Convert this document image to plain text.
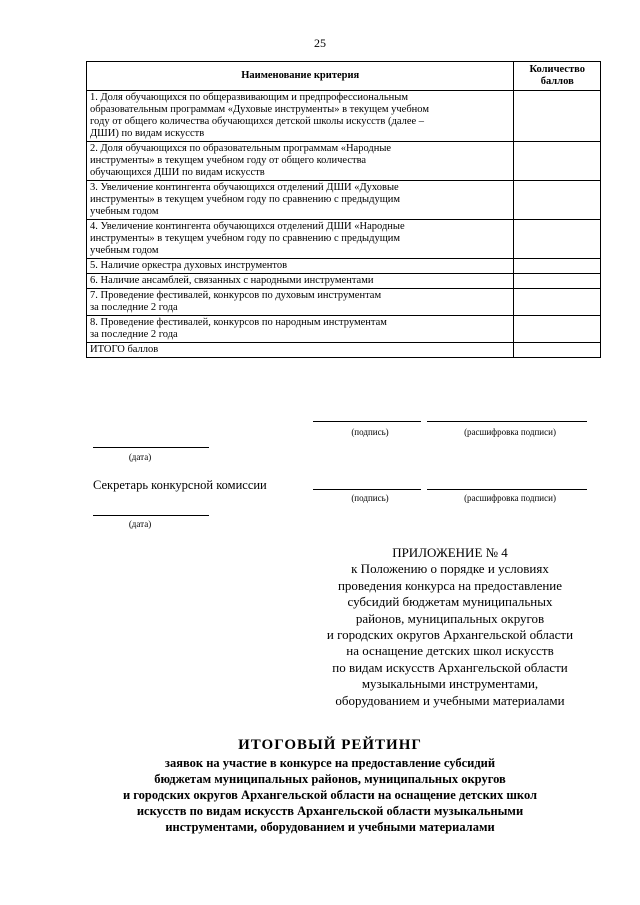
25
Наименование критерия	Количество
баллов

1. Доля обучающихся по общеразвивающим и предпрофессиональным
образовательным программам «Духовые инструменты» в текущем учебном
году от общего количества обучающихся детской школы искусств (далее –
ДШИ) по видам искусств	

2. Доля обучающихся по образовательным программам «Народные
инструменты» в текущем учебном году от общего количества
обучающихся ДШИ по видам искусств	

3. Увеличение контингента обучающихся отделений ДШИ «Духовые
инструменты» в текущем учебном году по сравнению с предыдущим
учебным годом	

4. Увеличение контингента обучающихся отделений ДШИ «Народные
инструменты» в текущем учебном году по сравнению с предыдущим
учебным годом	

5. Наличие оркестра духовых инструментов	

6. Наличие ансамблей, связанных с народными инструментами	

7. Проведение фестивалей, конкурсов по духовым инструментам
за последние 2 года	

8. Проведение фестивалей, конкурсов по народным инструментам
за последние 2 года	

ИТОГО баллов	

(подпись)	(расшифровка подписи)
(дата)
Секретарь конкурсной комиссии
(подпись)	(расшифровка подписи)
(дата)
ПРИЛОЖЕНИЕ № 4
к Положению о порядке и условиях
проведения конкурса на предоставление
субсидий бюджетам муниципальных
районов, муниципальных округов
и городских округов Архангельской области
на оснащение детских школ искусств
по видам искусств Архангельской области
музыкальными инструментами,
оборудованием и учебными материалами
ИТОГОВЫЙ РЕЙТИНГ
заявок на участие в конкурсе на предоставление субсидий
бюджетам муниципальных районов, муниципальных округов
и городских округов Архангельской области на оснащение детских школ
искусств по видам искусств Архангельской области музыкальными
инструментами, оборудованием и учебными материалами
